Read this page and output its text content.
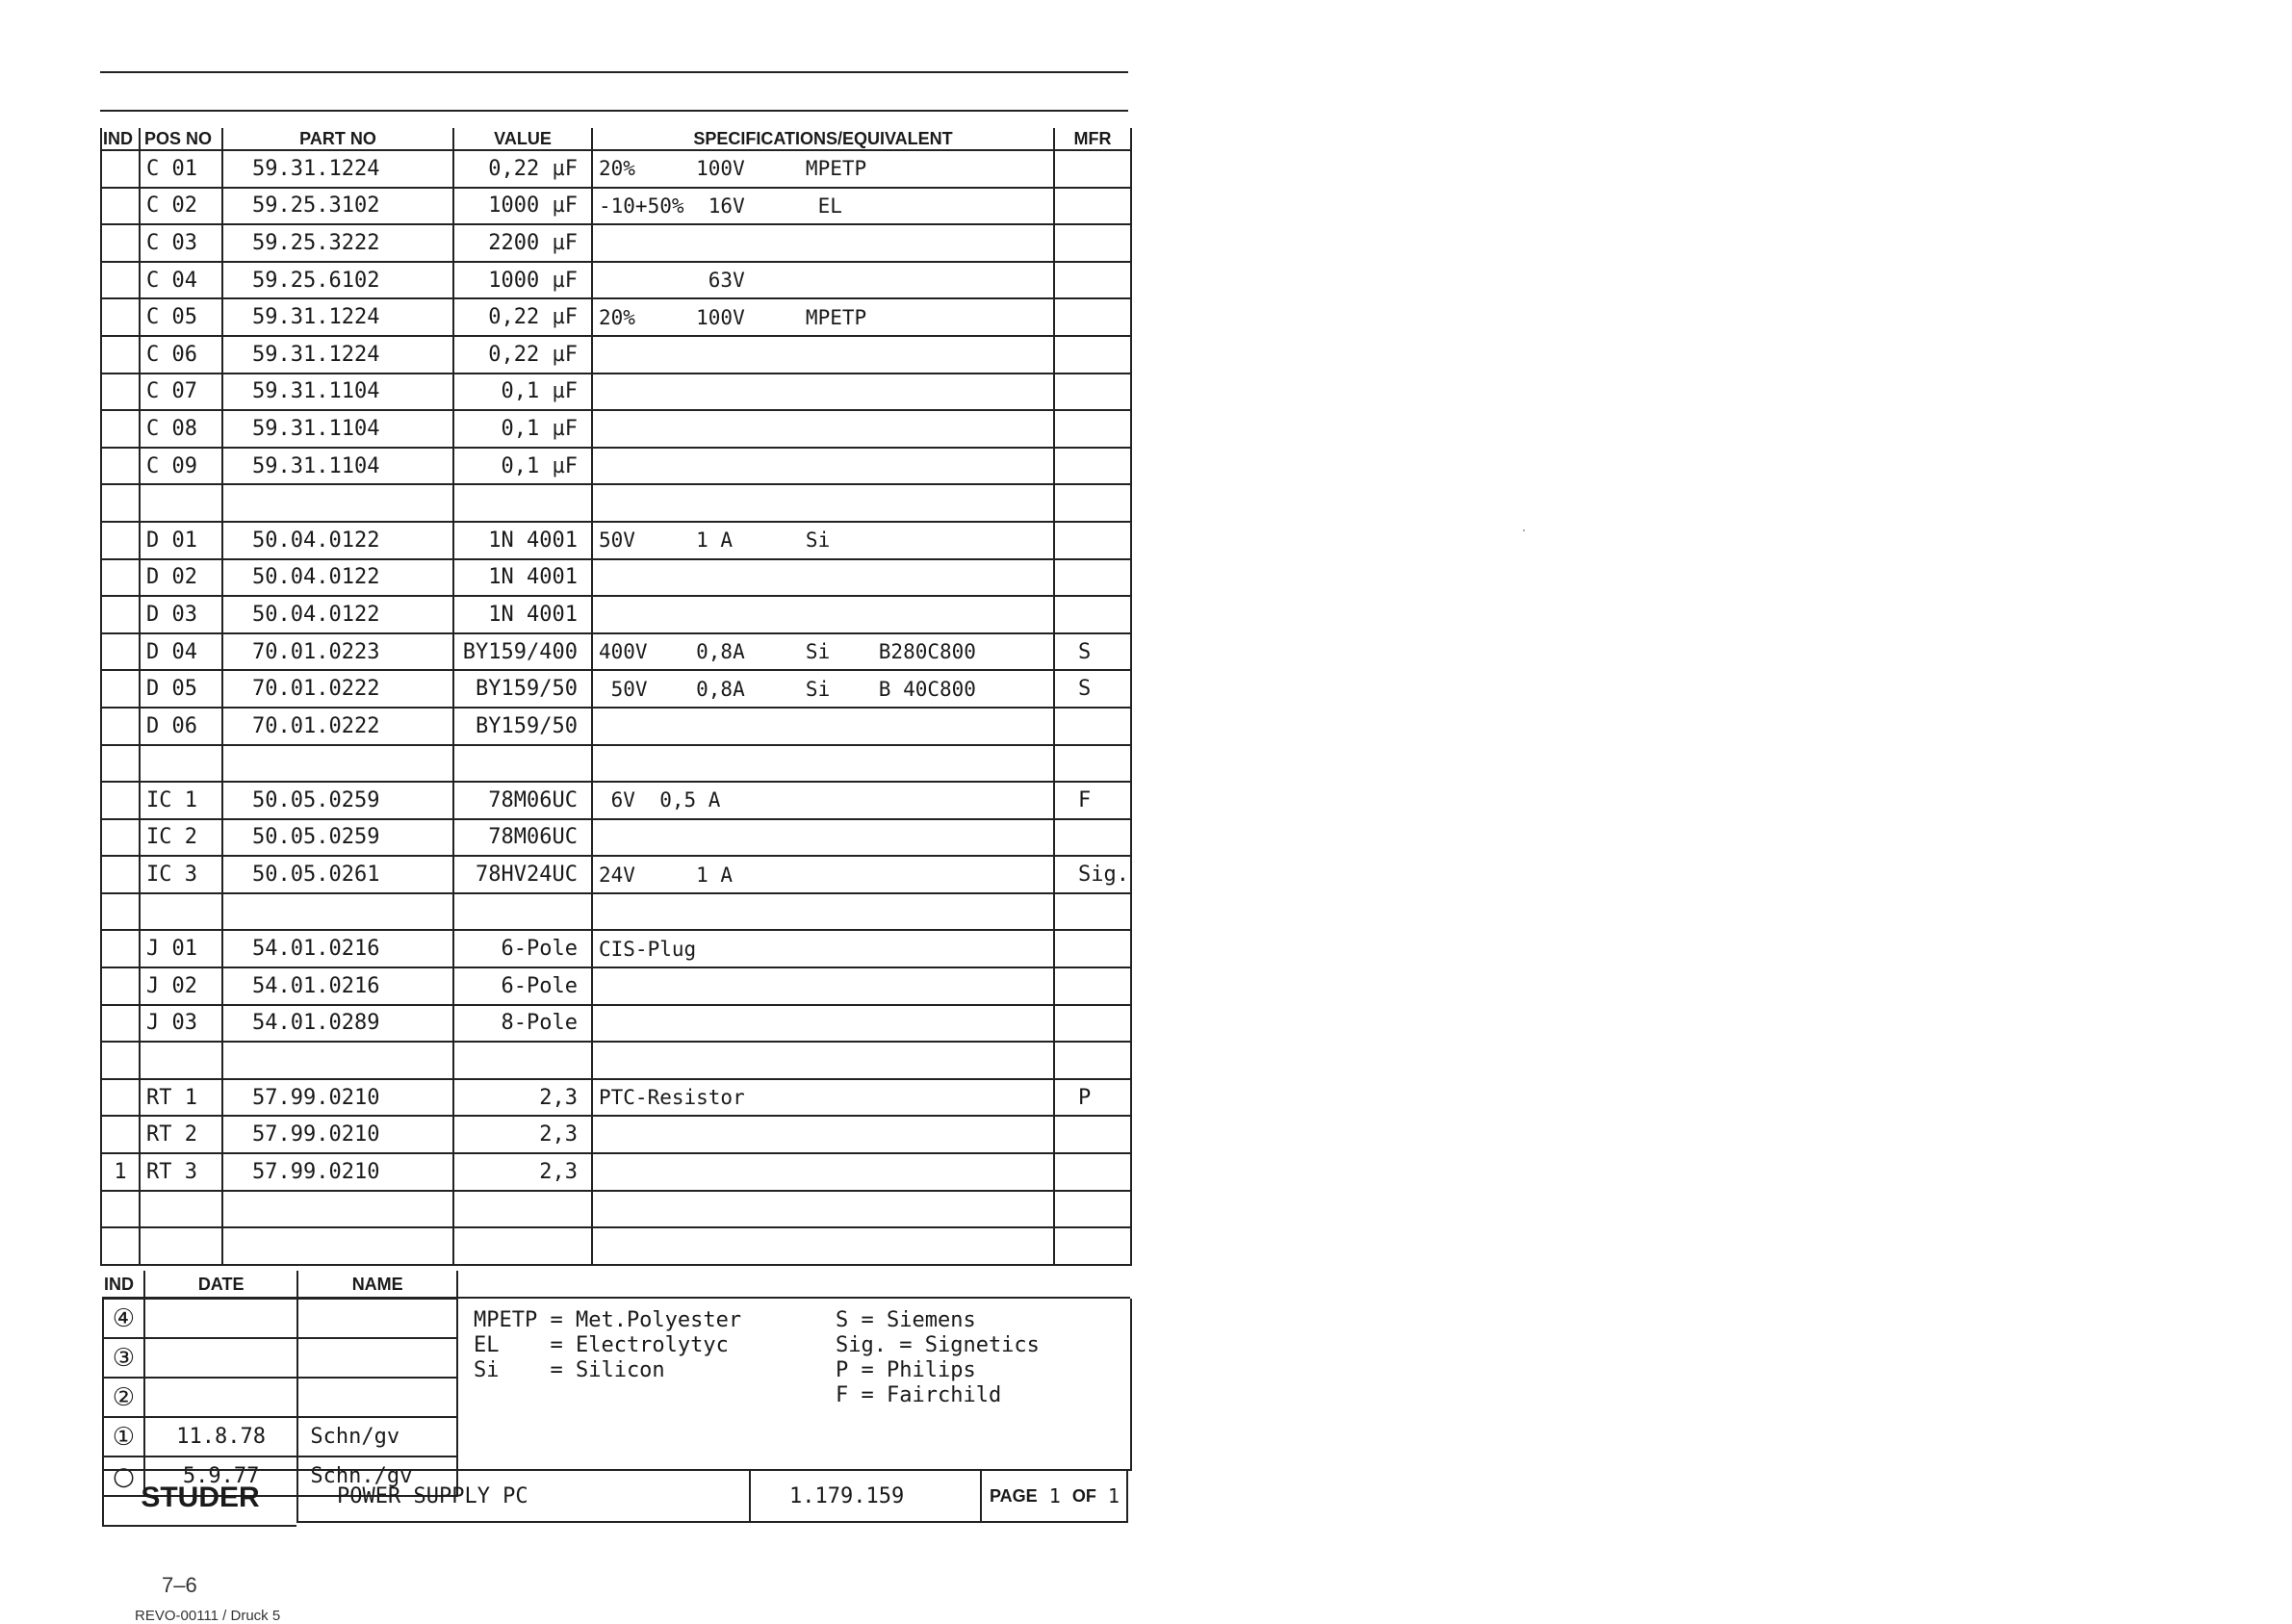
IND	POS NO	PART NO	VALUE	SPECIFICATIONS/EQUIVALENT	MFR
	C 01	59.31.1224	0,22 µF	20%     100V     MPETP	
	C 02	59.25.3102	1000 µF	-10+50%  16V      EL	
	C 03	59.25.3222	2200 µF		
	C 04	59.25.6102	1000 µF	63V	
	C 05	59.31.1224	0,22 µF	20%     100V     MPETP	
	C 06	59.31.1224	0,22 µF		
	C 07	59.31.1104	0,1 µF		
	C 08	59.31.1104	0,1 µF		
	C 09	59.31.1104	0,1 µF		

	D 01	50.04.0122	1N 4001	50V     1 A      Si	
	D 02	50.04.0122	1N 4001		
	D 03	50.04.0122	1N 4001		
	D 04	70.01.0223	BY159/400	400V    0,8A     Si    B280C800	S
	D 05	70.01.0222	BY159/50	50V    0,8A     Si    B 40C800	S
	D 06	70.01.0222	BY159/50		

	IC 1	50.05.0259	78M06UC	6V  0,5 A	F
	IC 2	50.05.0259	78M06UC		
	IC 3	50.05.0261	78HV24UC	24V     1 A	Sig.

	J 01	54.01.0216	6-Pole	CIS-Plug	
	J 02	54.01.0216	6-Pole		
	J 03	54.01.0289	8-Pole		

	RT 1	57.99.0210	2,3	PTC-Resistor	P
	RT 2	57.99.0210	2,3		
1	RT 3	57.99.0210	2,3		

IND	DATE	NAME
④		
③		
②		
①	11.8.78	Schn/gv
○	5.9.77	Schn./gv
MPETP = Met.Polyester
EL    = Electrolytyc
Si    = Silicon
S = Siemens
Sig. = Signetics
P = Philips
F = Fairchild
STUDER	POWER SUPPLY PC	1.179.159	PAGE
1
OF
1
7–6
REVO-00111 / Druck 5
